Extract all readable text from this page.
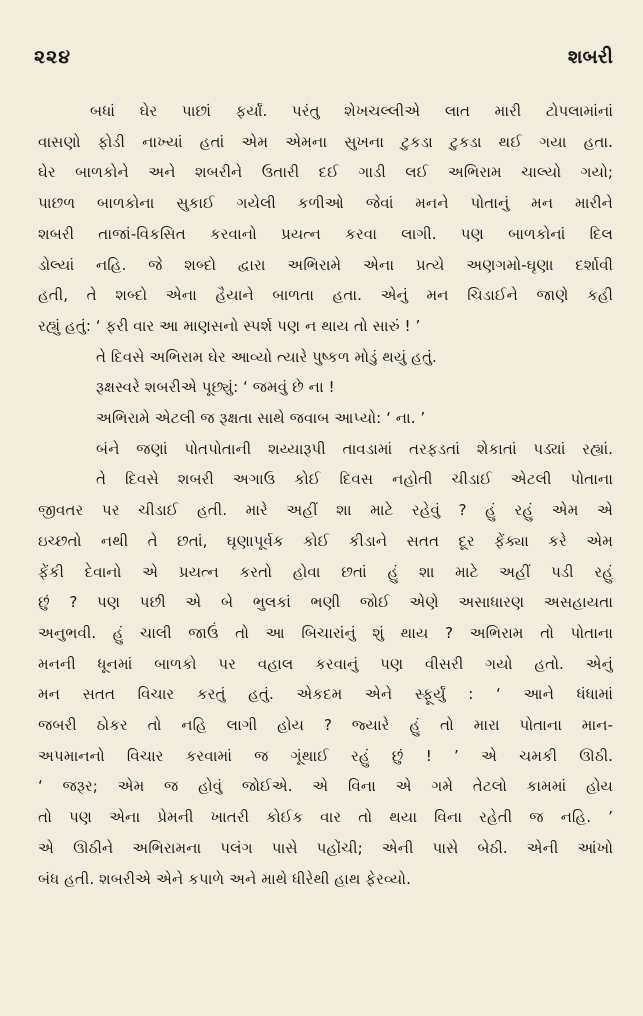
૨૨૪	શબરી
બધાં ઘેર પાછાં ફર્યાં. પરંતુ શેખચલ્લીએ લાત મારી ટોપલામાંનાં
વાસણો ફોડી નાખ્યાં હતાં એમ એમના સુખના ટુકડા ટુકડા થઈ ગયા હતા.
ઘેર બાળકોને અને શબરીને ઉતારી દઈ ગાડી લઈ અભિરામ ચાલ્યો ગયો;
પાછળ બાળકોના સુકાઈ ગયેલી કળીઓ જેવાં મનને પોતાનું મન મારીને
શબરી તાજાં-વિકસિત કરવાનો પ્રયત્ન કરવા લાગી. પણ બાળકોનાં દિલ
ડોલ્યાં નહિ. જે શબ્દો દ્વારા અભિરામે એના પ્રત્યે અણગમો-ઘૃણા દર્શાવી
હતી, તે શબ્દો એના હૈયાને બાળતા હતા. એનું મન ચિડાઈને જાણે કહી
રહ્યું હતું: ‘ ફરી વાર આ માણસનો સ્પર્શ પણ ન થાય તો સારું ! ’
તે દિવસે અભિરામ ઘેર આવ્યો ત્યારે પુષ્કળ મોડું થયું હતું.
રૂક્ષસ્વરે શબરીએ પૂછ્યું: ‘ જમવું છે ના !
અભિરામે એટલી જ રૂક્ષતા સાથે જવાબ આપ્યો: ‘ ના. ’
બંને જણાં પોતપોતાની શય્યારૂપી તાવડામાં તરફડતાં શેકાતાં પડ્યાં રહ્યાં.
તે દિવસે શબરી અગાઉ કોઈ દિવસ નહોતી ચીડાઈ એટલી પોતાના
જીવતર પર ચીડાઈ હતી. મારે અહીં શા માટે રહેવું ? હું રહું એમ એ
ઇચ્છતો નથી તે છતાં, ઘૃણાપૂર્વક કોઈ કીડાને સતત દૂર ફેંક્યા કરે એમ
ફેંકી દેવાનો એ પ્રયત્ન કરતો હોવા છતાં હું શા માટે અહીં પડી રહું
છું ? પણ પછી એ બે ભુલકાં ભણી જોઈ એણે અસાધારણ અસહાયતા
અનુભવી. હું ચાલી જાઉં તો આ બિચારાંનું શું થાય ? અભિરામ તો પોતાના
મનની ધૂનમાં બાળકો પર વહાલ કરવાનું પણ વીસરી ગયો હતો. એનું
મન સતત વિચાર કરતું હતું. એકદમ એને સ્ફૂર્યું : ‘ આને ધંધામાં
જબરી ઠોકર તો નહિ લાગી હોય ? જ્યારે હું તો મારા પોતાના માન-
અપમાનનો વિચાર કરવામાં જ ગૂંથાઈ રહું છું ! ’ એ ચમકી ઊઠી.
‘ જરૂર; એમ જ હોવું જોઈએ. એ વિના એ ગમે તેટલો કામમાં હોય
તો પણ એના પ્રેમની ખાતરી કોઈક વાર તો થયા વિના રહેતી જ નહિ. ’
એ ઊઠીને અભિરામના પલંગ પાસે પહોંચી; એની પાસે બેઠી. એની આંખો
બંધ હતી. શબરીએ એને કપાળે અને માથે ધીરેથી હાથ ફેરવ્યો.
